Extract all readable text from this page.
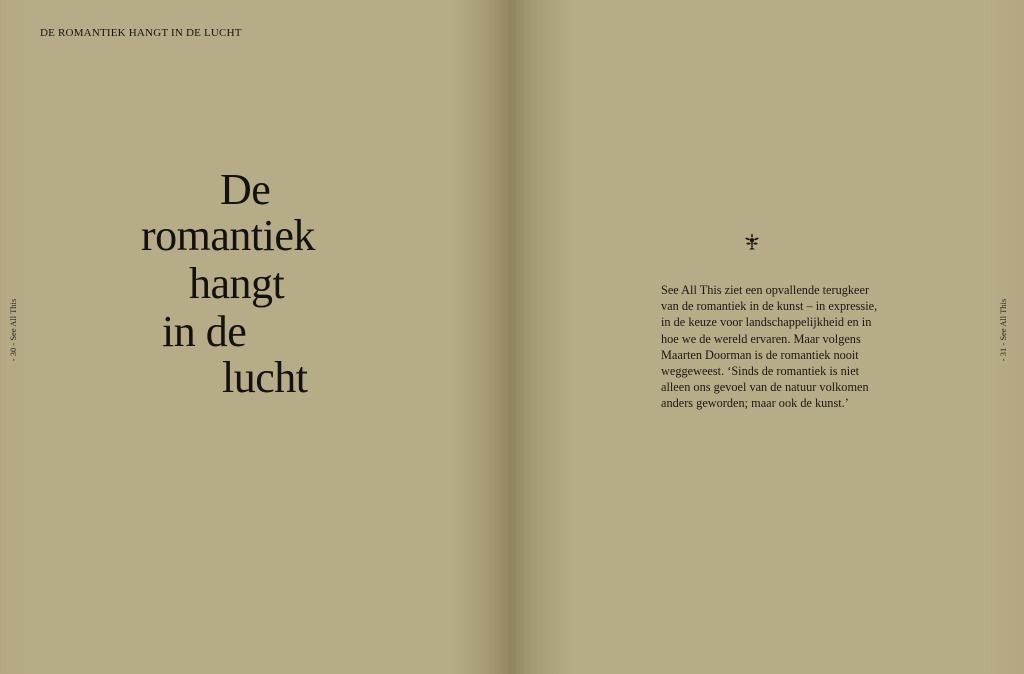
DE ROMANTIEK HANGT IN DE LUCHT
De
romantiek
hangt
in de
lucht
- 30 - See All This	- 31 - See All This
See All This ziet een opvallende terugkeer van de romantiek in de kunst – in expressie, in de keuze voor landschappelijkheid en in hoe we de wereld ervaren. Maar volgens Maarten Doorman is de romantiek nooit weggeweest. ‘Sinds de romantiek is niet alleen ons gevoel van de natuur volkomen anders geworden; maar ook de kunst.’
